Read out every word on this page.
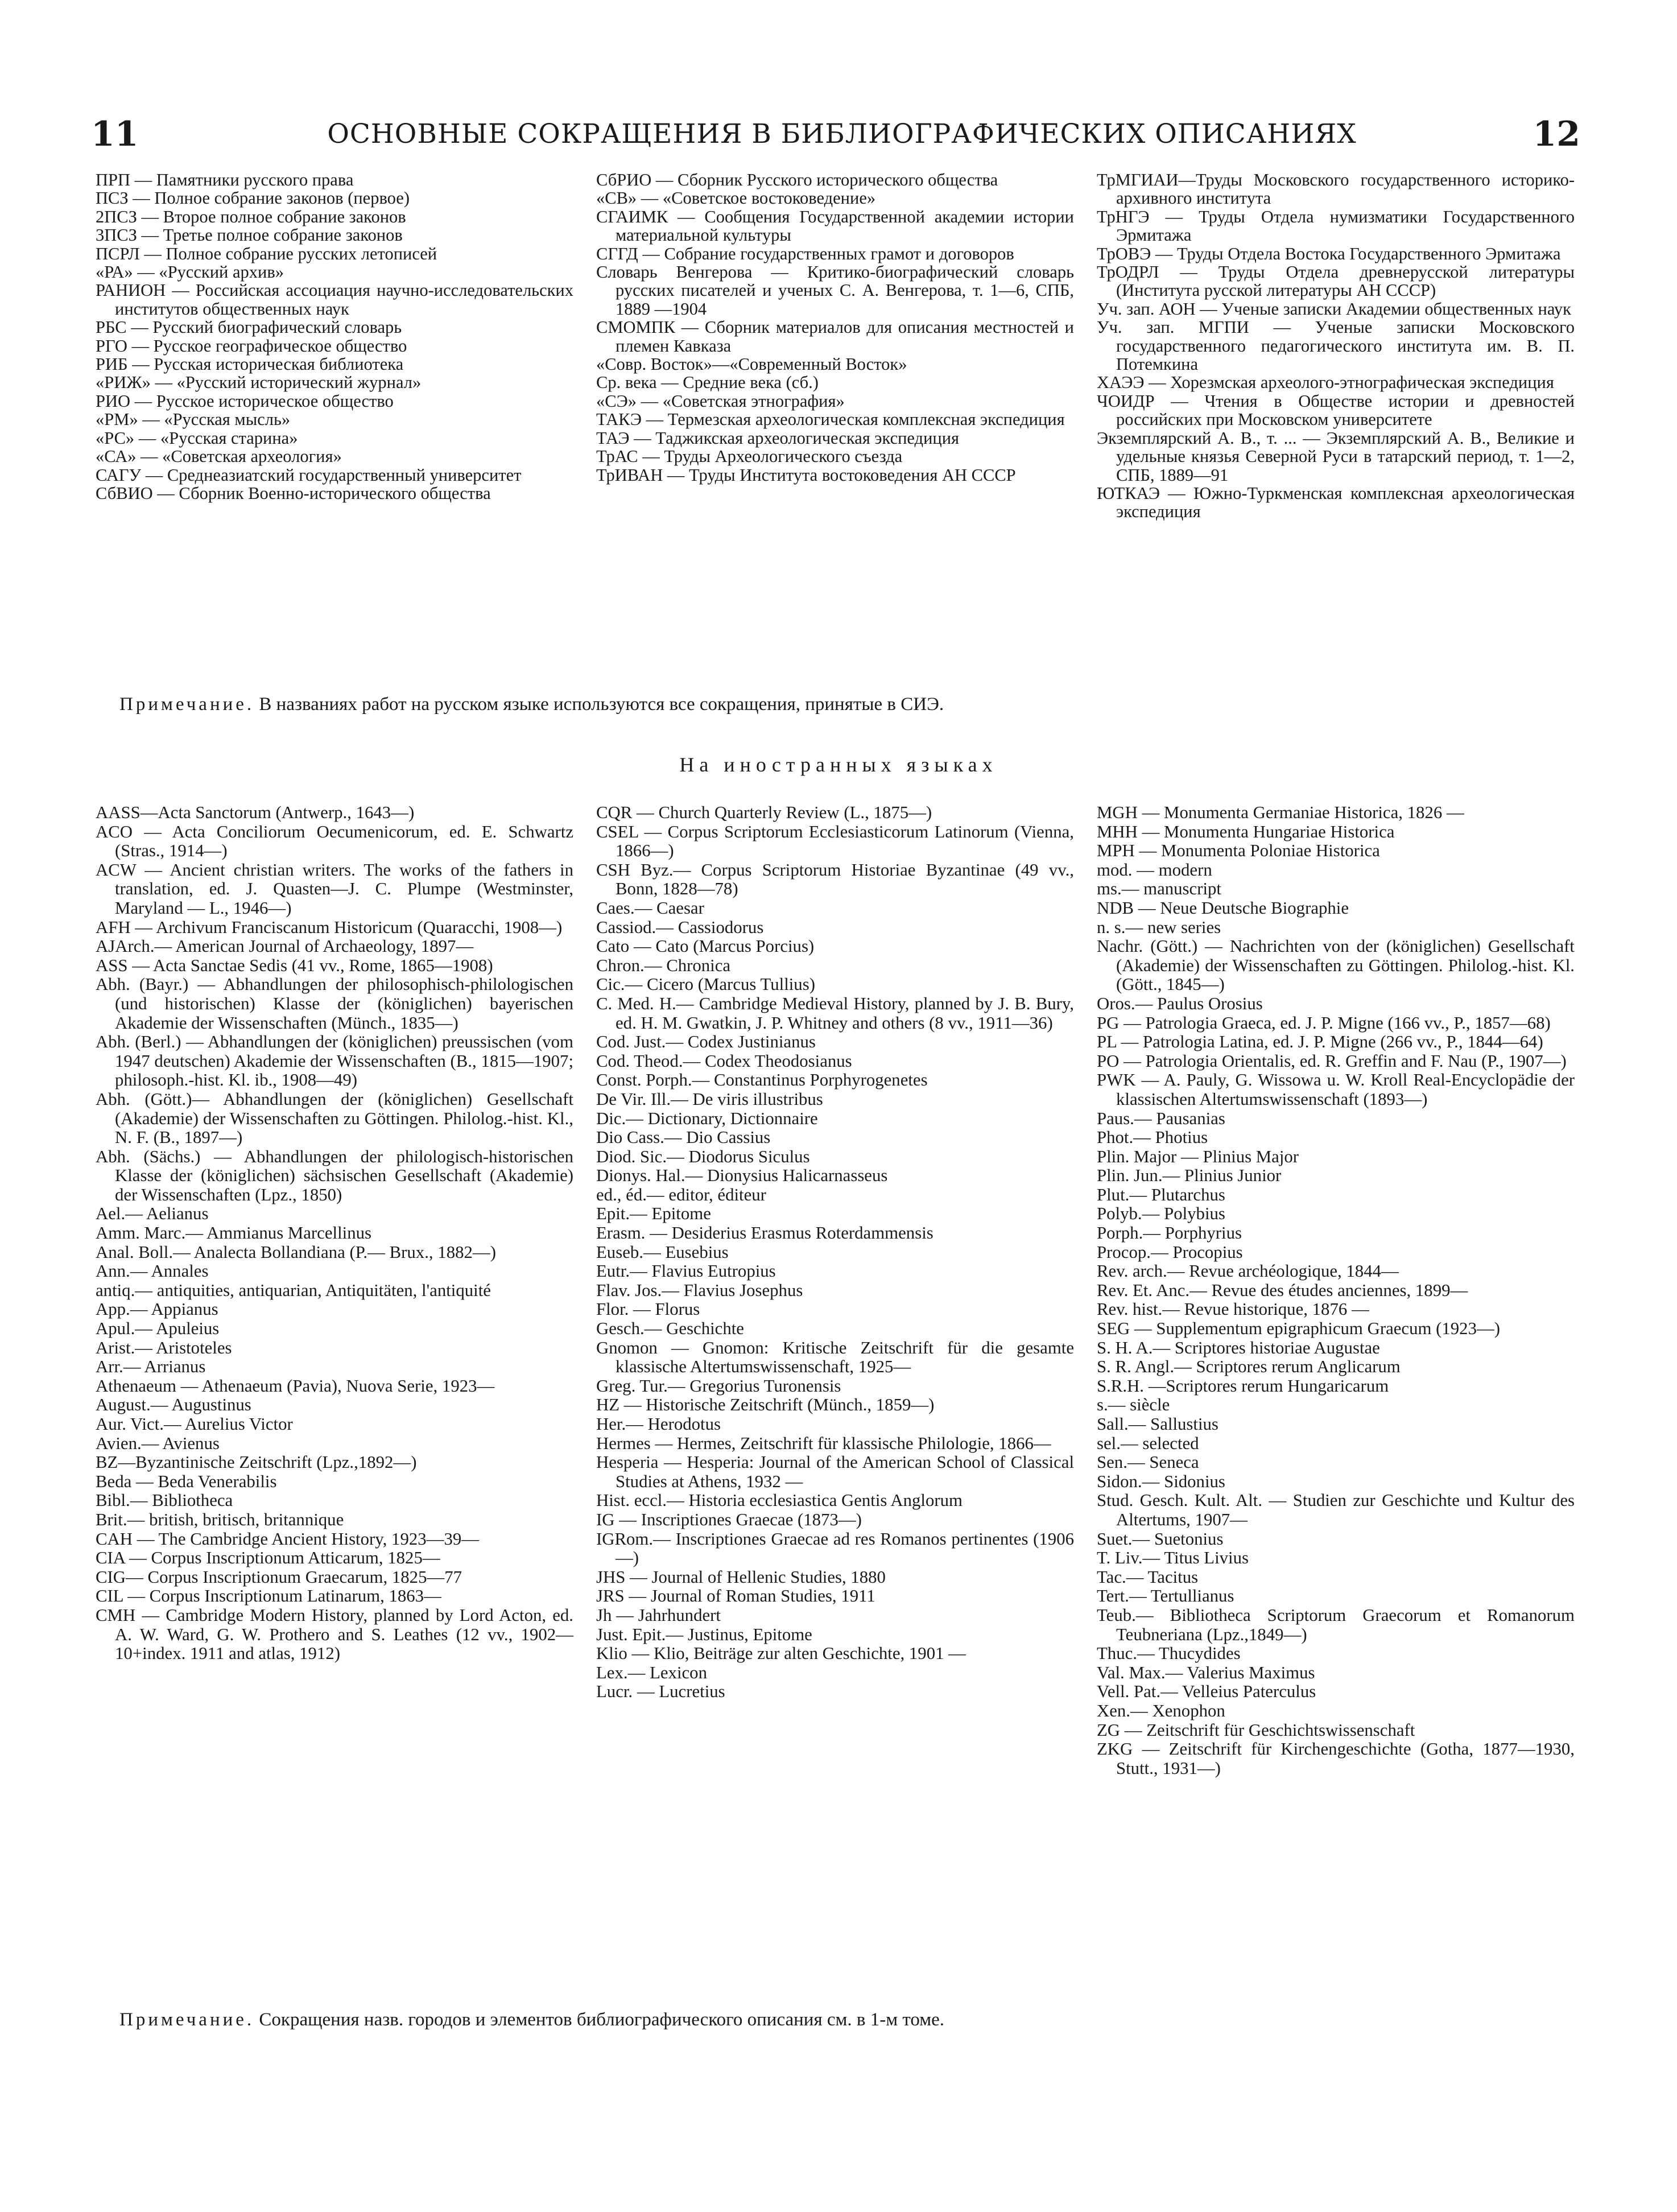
11	ОСНОВНЫЕ СОКРАЩЕНИЯ В БИБЛИОГРАФИЧЕСКИХ ОПИСАНИЯХ	12
ПРП — Памятники русского права
ПСЗ — Полное собрание законов (первое)
2ПСЗ — Второе полное собрание законов
3ПСЗ — Третье полное собрание законов
ПСРЛ — Полное собрание русских летописей
«РА» — «Русский архив»
РАНИОН — Российская ассоциация научно-исследовательских институтов общественных наук
РБС — Русский биографический словарь
РГО — Русское географическое общество
РИБ — Русская историческая библиотека
«РИЖ» — «Русский исторический журнал»
РИО — Русское историческое общество
«РМ» — «Русская мысль»
«РС» — «Русская старина»
«СА» — «Советская археология»
САГУ — Среднеазиатский государственный университет
СбВИО — Сборник Военно-исторического общества
СбРИО — Сборник Русского исторического общества
«СВ» — «Советское востоковедение»
СГАИМК — Сообщения Государственной академии истории материальной культуры
СГГД — Собрание государственных грамот и договоров
Словарь Венгерова — Критико-биографический словарь русских писателей и ученых С. А. Венгерова, т. 1—6, СПБ, 1889 —1904
СМОМПК — Сборник материалов для описания местностей и племен Кавказа
«Совр. Восток»—«Современный Восток»
Ср. века — Средние века (сб.)
«СЭ» — «Советская этнография»
ТАКЭ — Термезская археологическая комплексная экспедиция
ТАЭ — Таджикская археологическая экспедиция
ТрАС — Труды Археологического съезда
ТрИВАН — Труды Института востоковедения АН СССР
ТрМГИАИ—Труды Московского государственного историко-архивного института
ТрНГЭ — Труды Отдела нумизматики Государственного Эрмитажа
ТрОВЭ — Труды Отдела Востока Государственного Эрмитажа
ТрОДРЛ — Труды Отдела древнерусской литературы (Института русской литературы АН СССР)
Уч. зап. АОН — Ученые записки Академии общественных наук
Уч. зап. МГПИ — Ученые записки Московского государственного педагогического института им. В. П. Потемкина
ХАЭЭ — Хорезмская археолого-этнографическая экспедиция
ЧОИДР — Чтения в Обществе истории и древностей российских при Московском университете
Экземплярский А. В., т. ... — Экземплярский А. В., Великие и удельные князья Северной Руси в татарский период, т. 1—2, СПБ, 1889—91
ЮТКАЭ — Южно-Туркменская комплексная археологическая экспедиция
Примечание. В названиях работ на русском языке используются все сокращения, принятые в СИЭ.
На иностранных языках
AASS—Acta Sanctorum (Antwerp., 1643—)
ACO — Acta Conciliorum Oecumenicorum, ed. E. Schwartz (Stras., 1914—)
ACW — Ancient christian writers. The works of the fathers in translation, ed. J. Quasten—J. C. Plumpe (Westminster, Maryland — L., 1946—)
AFH — Archivum Franciscanum Historicum (Quaracchi, 1908—)
AJArch.— American Journal of Archaeology, 1897—
ASS — Acta Sanctae Sedis (41 vv., Rome, 1865—1908)
Abh. (Bayr.) — Abhandlungen der philosophisch-philologischen (und historischen) Klasse der (königlichen) bayerischen Akademie der Wissenschaften (Münch., 1835—)
Abh. (Berl.) — Abhandlungen der (königlichen) preussischen (vom 1947 deutschen) Akademie der Wissenschaften (B., 1815—1907; philosoph.-hist. Kl. ib., 1908—49)
Abh. (Gött.)— Abhandlungen der (königlichen) Gesellschaft (Akademie) der Wissenschaften zu Göttingen. Philolog.-hist. Kl., N. F. (B., 1897—)
Abh. (Sächs.) — Abhandlungen der philologisch-historischen Klasse der (königlichen) sächsischen Gesellschaft (Akademie) der Wissenschaften (Lpz., 1850)
Ael.— Aelianus
Amm. Marc.— Ammianus Marcellinus
Anal. Boll.— Analecta Bollandiana (P.— Brux., 1882—)
Ann.— Annales
antiq.— antiquities, antiquarian, Antiquitäten, l'antiquité
App.— Appianus
Apul.— Apuleius
Arist.— Aristoteles
Arr.— Arrianus
Athenaeum — Athenaeum (Pavia), Nuova Serie, 1923—
August.— Augustinus
Aur. Vict.— Aurelius Victor
Avien.— Avienus
BZ—Byzantinische Zeitschrift (Lpz.,1892—)
Beda — Beda Venerabilis
Bibl.— Bibliotheca
Brit.— british, britisch, britannique
CAH — The Cambridge Ancient History, 1923—39—
CIA — Corpus Inscriptionum Atticarum, 1825—
CIG— Corpus Inscriptionum Graecarum, 1825—77
CIL — Corpus Inscriptionum Latinarum, 1863—
CMH — Cambridge Modern History, planned by Lord Acton, ed. A. W. Ward, G. W. Prothero and S. Leathes (12 vv., 1902—10+index. 1911 and atlas, 1912)
CQR — Church Quarterly Review (L., 1875—)
CSEL — Corpus Scriptorum Ecclesiasticorum Latinorum (Vienna, 1866—)
CSH Byz.— Corpus Scriptorum Historiae Byzantinae (49 vv., Bonn, 1828—78)
Caes.— Caesar
Cassiod.— Cassiodorus
Cato — Cato (Marcus Porcius)
Chron.— Chronica
Cic.— Cicero (Marcus Tullius)
C. Med. H.— Cambridge Medieval History, planned by J. B. Bury, ed. H. M. Gwatkin, J. P. Whitney and others (8 vv., 1911—36)
Cod. Just.— Codex Justinianus
Cod. Theod.— Codex Theodosianus
Const. Porph.— Constantinus Porphyrogenetes
De Vir. Ill.— De viris illustribus
Dic.— Dictionary, Dictionnaire
Dio Cass.— Dio Cassius
Diod. Sic.— Diodorus Siculus
Dionys. Hal.— Dionysius Halicarnasseus
ed., éd.— editor, éditeur
Epit.— Epitome
Erasm. — Desiderius Erasmus Roterdammensis
Euseb.— Eusebius
Eutr.— Flavius Eutropius
Flav. Jos.— Flavius Josephus
Flor. — Florus
Gesch.— Geschichte
Gnomon — Gnomon: Kritische Zeitschrift für die gesamte klassische Altertumswissenschaft, 1925—
Greg. Tur.— Gregorius Turonensis
HZ — Historische Zeitschrift (Münch., 1859—)
Her.— Herodotus
Hermes — Hermes, Zeitschrift für klassische Philologie, 1866—
Hesperia — Hesperia: Journal of the American School of Classical Studies at Athens, 1932 —
Hist. eccl.— Historia ecclesiastica Gentis Anglorum
IG — Inscriptiones Graecae (1873—)
IGRom.— Inscriptiones Graecae ad res Romanos pertinentes (1906—)
JHS — Journal of Hellenic Studies, 1880
JRS — Journal of Roman Studies, 1911
Jh — Jahrhundert
Just. Epit.— Justinus, Epitome
Klio — Klio, Beiträge zur alten Geschichte, 1901 —
Lex.— Lexicon
Lucr. — Lucretius
MGH — Monumenta Germaniae Historica, 1826 —
MHH — Monumenta Hungariae Historica
MPH — Monumenta Poloniae Historica
mod. — modern
ms.— manuscript
NDB — Neue Deutsche Biographie
n. s.— new series
Nachr. (Gött.) — Nachrichten von der (königlichen) Gesellschaft (Akademie) der Wissenschaften zu Göttingen. Philolog.-hist. Kl. (Gött., 1845—)
Oros.— Paulus Orosius
PG — Patrologia Graeca, ed. J. P. Migne (166 vv., P., 1857—68)
PL — Patrologia Latina, ed. J. P. Migne (266 vv., P., 1844—64)
PO — Patrologia Orientalis, ed. R. Greffin and F. Nau (P., 1907—)
PWK — A. Pauly, G. Wissowa u. W. Kroll Real-Encyclopädie der klassischen Altertumswissenschaft (1893—)
Paus.— Pausanias
Phot.— Photius
Plin. Major — Plinius Major
Plin. Jun.— Plinius Junior
Plut.— Plutarchus
Polyb.— Polybius
Porph.— Porphyrius
Procop.— Procopius
Rev. arch.— Revue archéologique, 1844—
Rev. Et. Anc.— Revue des études anciennes, 1899—
Rev. hist.— Revue historique, 1876 —
SEG — Supplementum epigraphicum Graecum (1923—)
S. H. A.— Scriptores historiae Augustae
S. R. Angl.— Scriptores rerum Anglicarum
S.R.H. —Scriptores rerum Hungaricarum
s.— siècle
Sall.— Sallustius
sel.— selected
Sen.— Seneca
Sidon.— Sidonius
Stud. Gesch. Kult. Alt. — Studien zur Geschichte und Kultur des Altertums, 1907—
Suet.— Suetonius
T. Liv.— Titus Livius
Tac.— Tacitus
Tert.— Tertullianus
Teub.— Bibliotheca Scriptorum Graecorum et Romanorum Teubneriana (Lpz.,1849—)
Thuc.— Thucydides
Val. Max.— Valerius Maximus
Vell. Pat.— Velleius Paterculus
Xen.— Xenophon
ZG — Zeitschrift für Geschichtswissenschaft
ZKG — Zeitschrift für Kirchengeschichte (Gotha, 1877—1930, Stutt., 1931—)
Примечание. Сокращения назв. городов и элементов библиографического описания см. в 1-м томе.
